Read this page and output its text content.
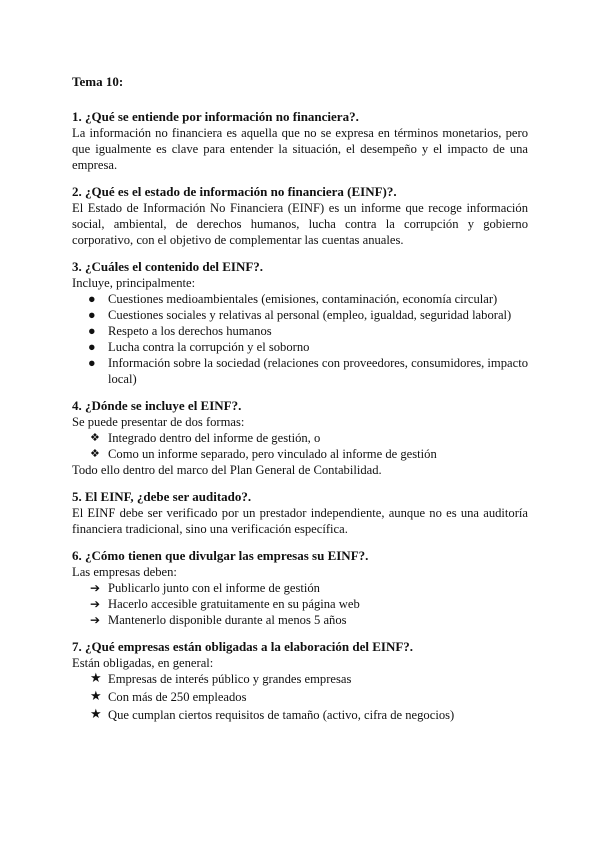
Tema 10:

1. ¿Qué se entiende por información no financiera?.

La información no financiera es aquella que no se expresa en términos monetarios, pero que igualmente es clave para entender la situación, el desempeño y el impacto de una empresa.

2. ¿Qué es el estado de información no financiera (EINF)?.

El Estado de Información No Financiera (EINF) es un informe que recoge información social, ambiental, de derechos humanos, lucha contra la corrupción y gobierno corporativo, con el objetivo de complementar las cuentas anuales.

3. ¿Cuáles el contenido del EINF?.

Incluye, principalmente:

● Cuestiones medioambientales (emisiones, contaminación, economía circular)
● Cuestiones sociales y relativas al personal (empleo, igualdad, seguridad laboral)
● Respeto a los derechos humanos
● Lucha contra la corrupción y el soborno
● Información sobre la sociedad (relaciones con proveedores, consumidores, impacto local)

4. ¿Dónde se incluye el EINF?.

Se puede presentar de dos formas:

❖ Integrado dentro del informe de gestión, o
❖ Como un informe separado, pero vinculado al informe de gestión

Todo ello dentro del marco del Plan General de Contabilidad.

5. El EINF, ¿debe ser auditado?.

El EINF debe ser verificado por un prestador independiente, aunque no es una auditoría financiera tradicional, sino una verificación específica.

6. ¿Cómo tienen que divulgar las empresas su EINF?.

Las empresas deben:

➔ Publicarlo junto con el informe de gestión
➔ Hacerlo accesible gratuitamente en su página web
➔ Mantenerlo disponible durante al menos 5 años

7. ¿Qué empresas están obligadas a la elaboración del EINF?.

Están obligadas, en general:

★ Empresas de interés público y grandes empresas
★ Con más de 250 empleados
★ Que cumplan ciertos requisitos de tamaño (activo, cifra de negocios)
